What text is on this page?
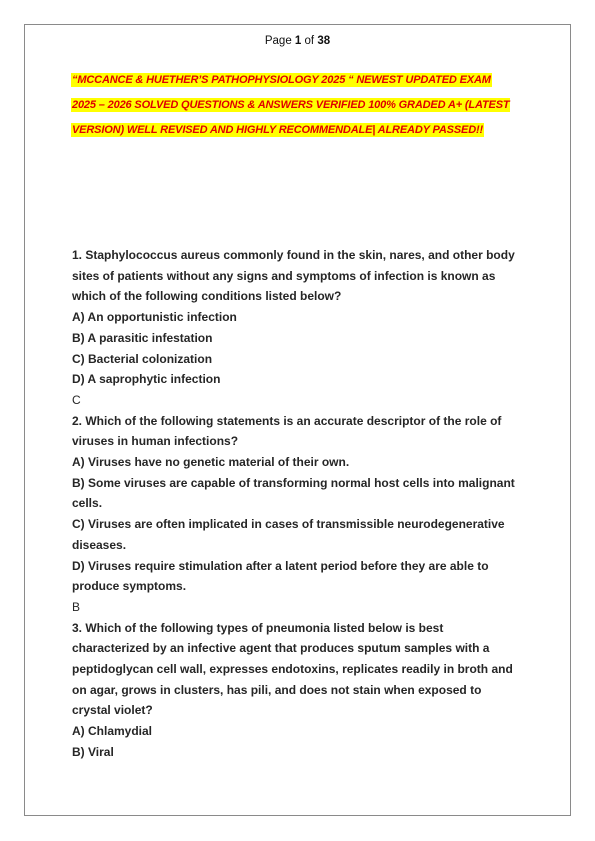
Page 1 of 38
“MCCANCE & HUETHER’S PATHOPHYSIOLOGY 2025 “ NEWEST UPDATED EXAM
2025 – 2026 SOLVED QUESTIONS & ANSWERS VERIFIED 100% GRADED A+ (LATEST
VERSION) WELL REVISED AND HIGHLY RECOMMENDALE| ALREADY PASSED!!
1. Staphylococcus aureus commonly found in the skin, nares, and other body
sites of patients without any signs and symptoms of infection is known as
which of the following conditions listed below?
A) An opportunistic infection
B) A parasitic infestation
C) Bacterial colonization
D) A saprophytic infection
C
2. Which of the following statements is an accurate descriptor of the role of
viruses in human infections?
A) Viruses have no genetic material of their own.
B) Some viruses are capable of transforming normal host cells into malignant
cells.
C) Viruses are often implicated in cases of transmissible neurodegenerative
diseases.
D) Viruses require stimulation after a latent period before they are able to
produce symptoms.
B
3. Which of the following types of pneumonia listed below is best
characterized by an infective agent that produces sputum samples with a
peptidoglycan cell wall, expresses endotoxins, replicates readily in broth and
on agar, grows in clusters, has pili, and does not stain when exposed to
crystal violet?
A) Chlamydial
B) Viral
